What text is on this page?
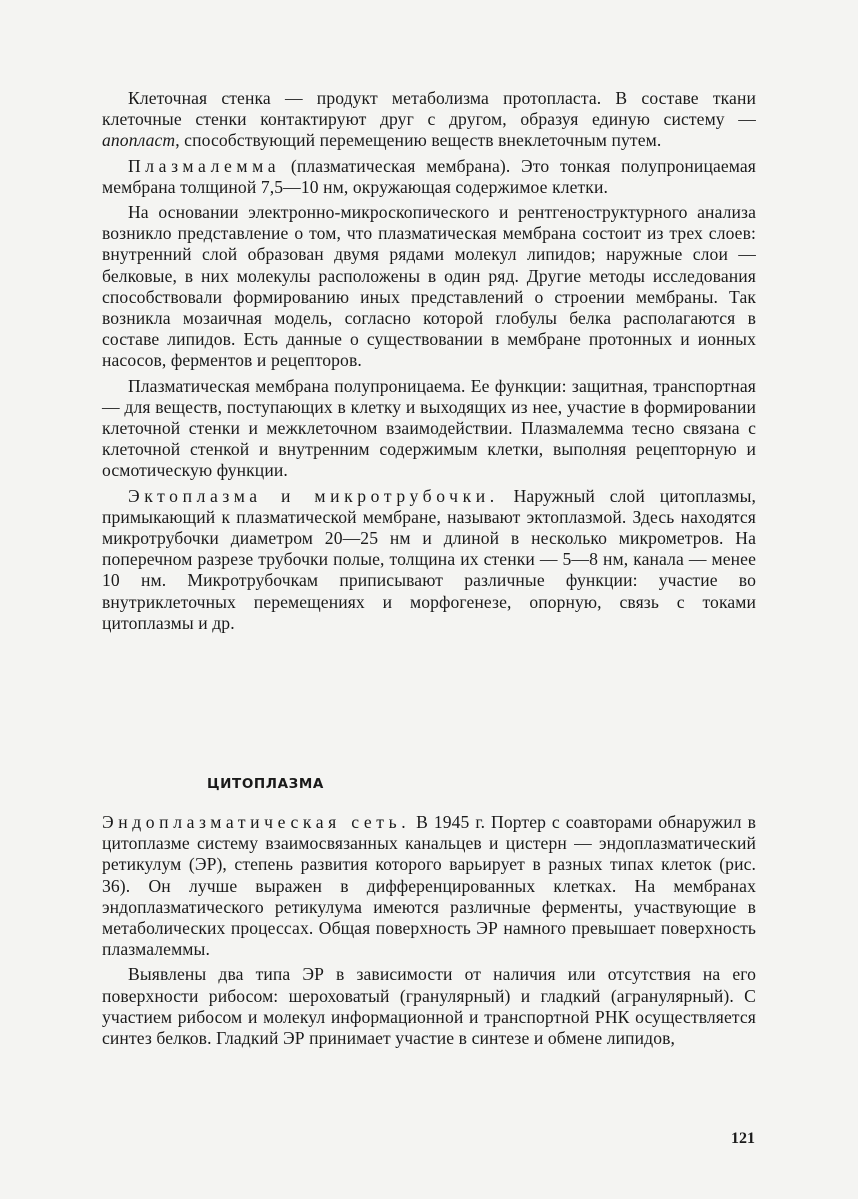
Клеточная стенка — продукт метаболизма протопласта. В составе ткани клеточные стенки контактируют друг с другом, образуя единую систему — апопласт, способствующий перемещению веществ внеклеточным путем.

Плазмалемма (плазматическая мембрана). Это тонкая полупроницаемая мембрана толщиной 7,5—10 нм, окружающая содержимое клетки.

На основании электронно-микроскопического и рентгеноструктурного анализа возникло представление о том, что плазматическая мембрана состоит из трех слоев: внутренний слой образован двумя рядами молекул липидов; наружные слои — белковые, в них молекулы расположены в один ряд. Другие методы исследования способствовали формированию иных представлений о строении мембраны. Так возникла мозаичная модель, согласно которой глобулы белка располагаются в составе липидов. Есть данные о существовании в мембране протонных и ионных насосов, ферментов и рецепторов.

Плазматическая мембрана полупроницаема. Ее функции: защитная, транспортная — для веществ, поступающих в клетку и выходящих из нее, участие в формировании клеточной стенки и межклеточном взаимодействии. Плазмалемма тесно связана с клеточной стенкой и внутренним содержимым клетки, выполняя рецепторную и осмотическую функции.

Эктоплазма и микротрубочки. Наружный слой цитоплазмы, примыкающий к плазматической мембране, называют эктоплазмой. Здесь находятся микротрубочки диаметром 20—25 нм и длиной в несколько микрометров. На поперечном разрезе трубочки полые, толщина их стенки — 5—8 нм, канала — менее 10 нм. Микротрубочкам приписывают различные функции: участие во внутриклеточных перемещениях и морфогенезе, опорную, связь с токами цитоплазмы и др.

ЦИТОПЛАЗМА

Эндоплазматическая сеть. В 1945 г. Портер с соавторами обнаружил в цитоплазме систему взаимосвязанных канальцев и цистерн — эндоплазматический ретикулум (ЭР), степень развития которого варьирует в разных типах клеток (рис. 36). Он лучше выражен в дифференцированных клетках. На мембранах эндоплазматического ретикулума имеются различные ферменты, участвующие в метаболических процессах. Общая поверхность ЭР намного превышает поверхность плазмалеммы.

Выявлены два типа ЭР в зависимости от наличия или отсутствия на его поверхности рибосом: шероховатый (гранулярный) и гладкий (агранулярный). С участием рибосом и молекул информационной и транспортной РНК осуществляется синтез белков. Гладкий ЭР принимает участие в синтезе и обмене липидов,

121
